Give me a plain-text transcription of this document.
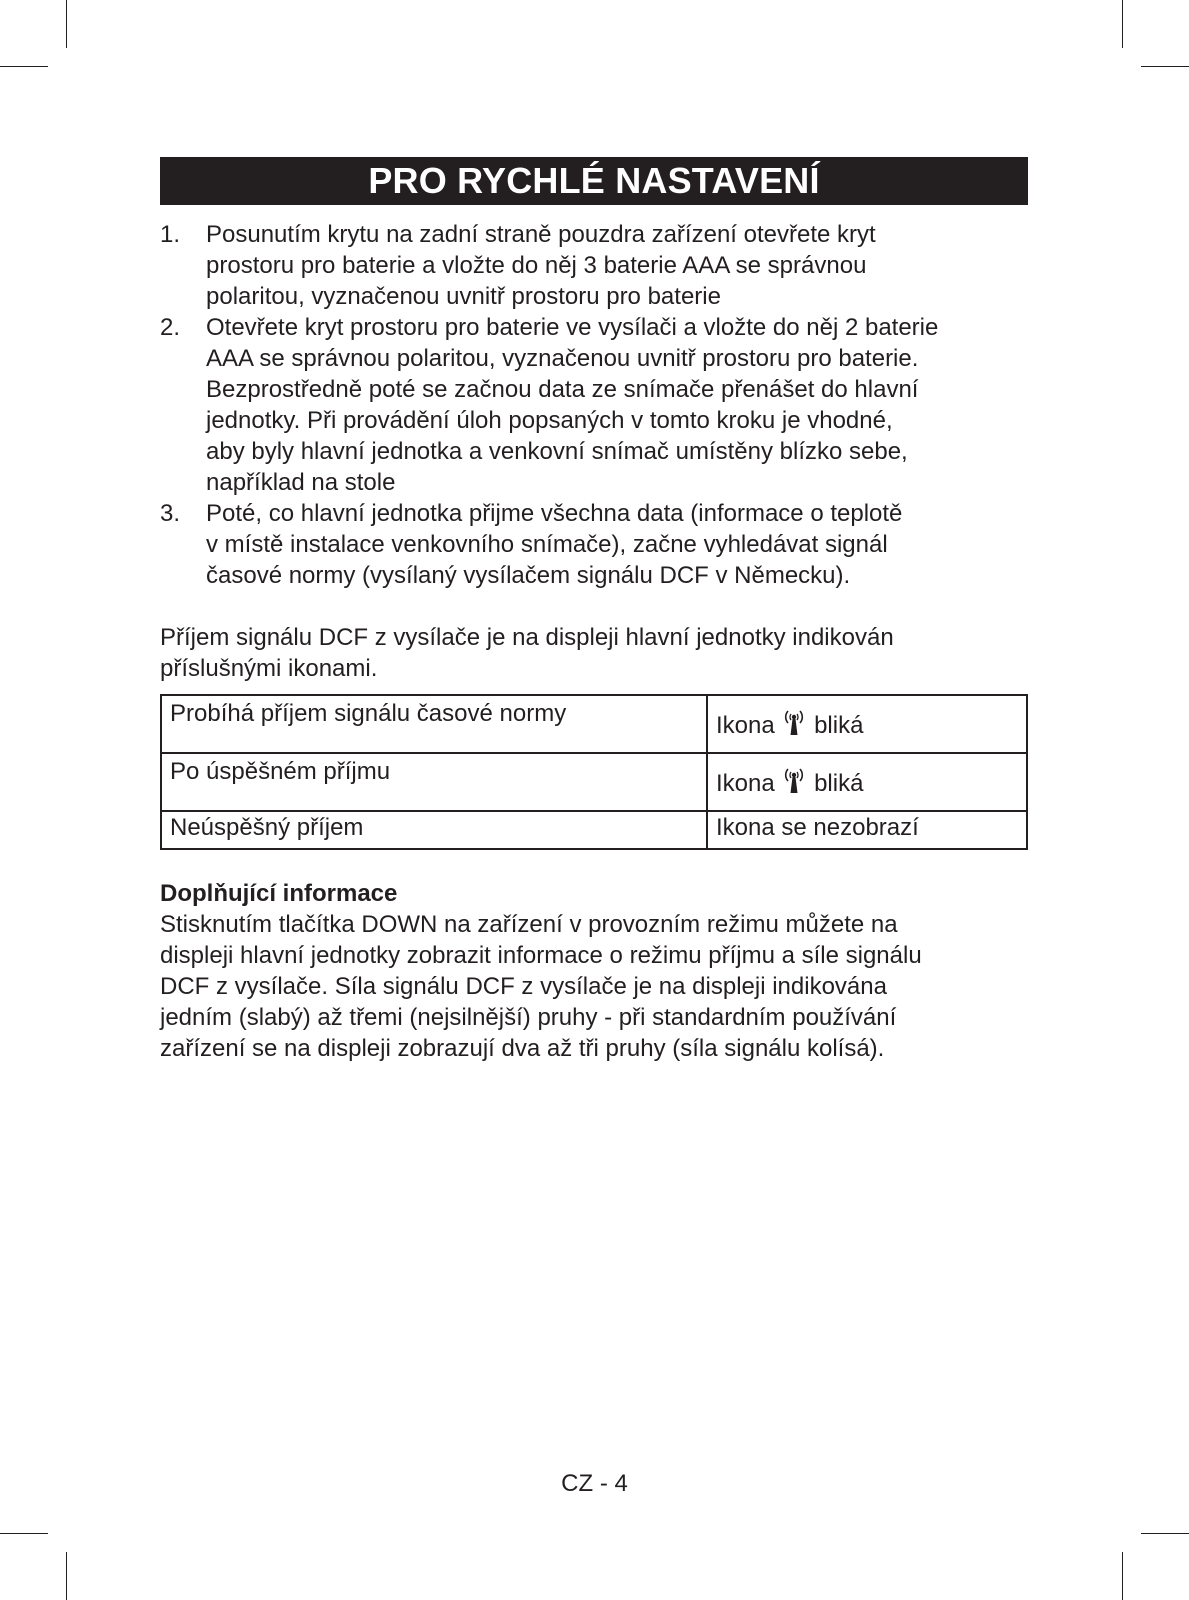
PRO RYCHLÉ NASTAVENÍ
1.	Posunutím krytu na zadní straně pouzdra zařízení otevřete kryt
prostoru pro baterie a vložte do něj 3 baterie AAA se správnou
polaritou, vyznačenou uvnitř prostoru pro baterie
2.	Otevřete kryt prostoru pro baterie ve vysílači a vložte do něj 2 baterie
AAA se správnou polaritou, vyznačenou uvnitř prostoru pro baterie.
Bezprostředně poté se začnou data ze snímače přenášet do hlavní
jednotky. Při provádění úloh popsaných v tomto kroku je vhodné,
aby byly hlavní jednotka a venkovní snímač umístěny blízko sebe,
například na stole
3.	Poté, co hlavní jednotka přijme všechna data (informace o teplotě
v místě instalace venkovního snímače), začne vyhledávat signál
časové normy (vysílaný vysílačem signálu DCF v Německu).

Příjem signálu DCF z vysílače je na displeji hlavní jednotky indikován
příslušnými ikonami.

Probíhá příjem signálu časové normy	Ikona bliká
Po úspěšném příjmu	Ikona bliká
Neúspěšný příjem	Ikona se nezobrazí

Doplňující informace

Stisknutím tlačítka DOWN na zařízení v provozním režimu můžete na
displeji hlavní jednotky zobrazit informace o režimu příjmu a síle signálu
DCF z vysílače. Síla signálu DCF z vysílače je na displeji indikována
jedním (slabý) až třemi (nejsilnější) pruhy - při standardním používání
zařízení se na displeji zobrazují dva až tři pruhy (síla signálu kolísá).

CZ - 4
